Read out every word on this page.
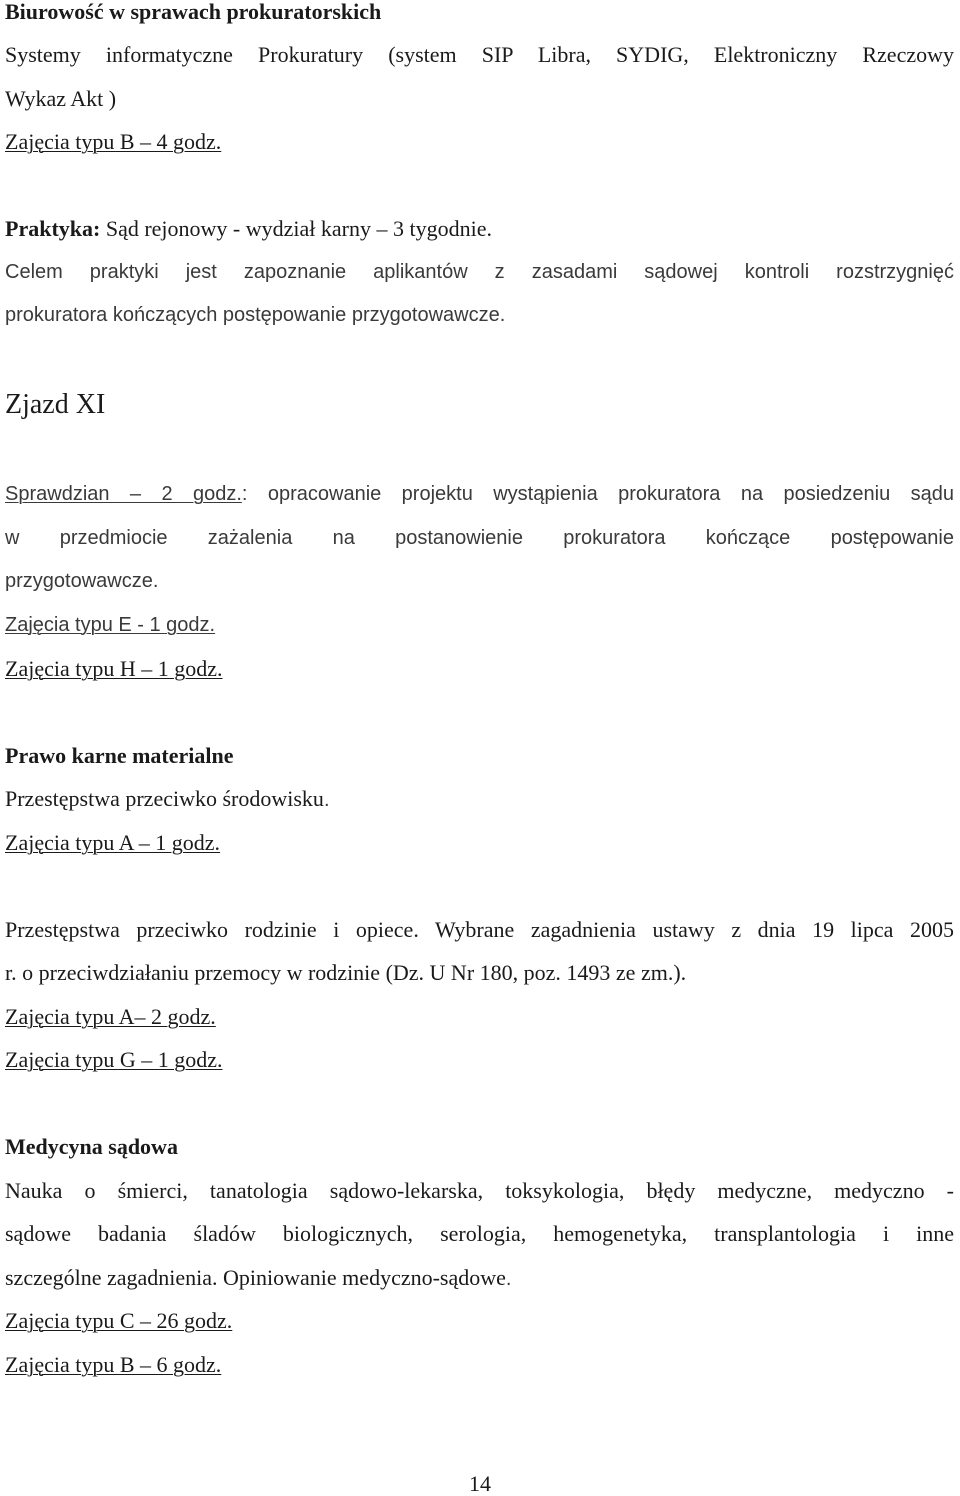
Biurowość w sprawach prokuratorskich
Systemy informatyczne Prokuratury (system SIP Libra, SYDIG, Elektroniczny Rzeczowy
Wykaz Akt )
Zajęcia typu B – 4 godz.
Praktyka: Sąd rejonowy - wydział karny – 3 tygodnie.
Celem praktyki jest zapoznanie aplikantów z zasadami sądowej kontroli rozstrzygnięć
prokuratora kończących postępowanie przygotowawcze.
Zjazd XI
Sprawdzian – 2 godz.: opracowanie projektu wystąpienia prokuratora na posiedzeniu sądu
w przedmiocie zażalenia na postanowienie prokuratora kończące postępowanie
przygotowawcze.
Zajęcia typu E - 1 godz.
Zajęcia typu H – 1 godz.
Prawo karne materialne
Przestępstwa przeciwko środowisku.
Zajęcia typu A – 1 godz.
Przestępstwa przeciwko rodzinie i opiece. Wybrane zagadnienia ustawy z dnia 19 lipca 2005
r. o przeciwdziałaniu przemocy w rodzinie (Dz. U Nr 180, poz. 1493 ze zm.).
Zajęcia typu A– 2 godz.
Zajęcia typu G – 1 godz.
Medycyna sądowa
Nauka o śmierci, tanatologia sądowo-lekarska, toksykologia, błędy medyczne, medyczno -
sądowe badania śladów biologicznych, serologia, hemogenetyka, transplantologia i inne
szczególne zagadnienia. Opiniowanie medyczno-sądowe.
Zajęcia typu C – 26 godz.
Zajęcia typu B – 6 godz.
14
